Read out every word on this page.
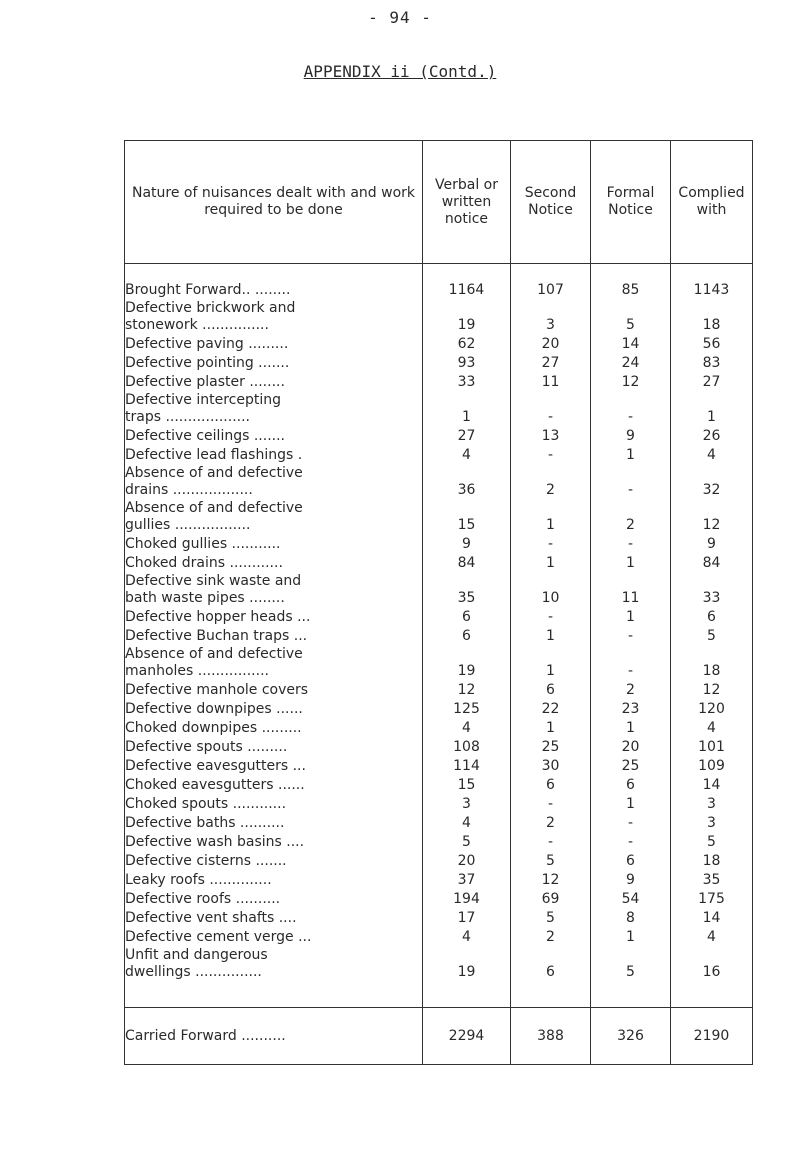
- 94 -
APPENDIX ii (Contd.)
Nature of nuisances dealt with and work required to be done	Verbal or written notice	Second Notice	Formal Notice	Complied with

Brought Forward.. ........	1164	107	85	1143

Defective brickwork and
stonework ...............	19	3	5	18

Defective paving .........	62	20	14	56

Defective pointing .......	93	27	24	83

Defective plaster ........	33	11	12	27

Defective intercepting
traps ...................	1	-	-	1

Defective ceilings .......	27	13	9	26

Defective lead flashings .	4	-	1	4

Absence of and defective
drains ..................	36	2	-	32

Absence of and defective
gullies .................	15	1	2	12

Choked gullies ...........	9	-	-	9

Choked drains ............	84	1	1	84

Defective sink waste and
bath waste pipes ........	35	10	11	33

Defective hopper heads ...	6	-	1	6

Defective Buchan traps ...	6	1	-	5

Absence of and defective
manholes ................	19	1	-	18

Defective manhole covers	12	6	2	12

Defective downpipes ......	125	22	23	120

Choked downpipes .........	4	1	1	4

Defective spouts .........	108	25	20	101

Defective eavesgutters ...	114	30	25	109

Choked eavesgutters ......	15	6	6	14

Choked spouts ............	3	-	1	3

Defective baths ..........	4	2	-	3

Defective wash basins ....	5	-	-	5

Defective cisterns .......	20	5	6	18

Leaky roofs ..............	37	12	9	35

Defective roofs ..........	194	69	54	175

Defective vent shafts ....	17	5	8	14

Defective cement verge ...	4	2	1	4

Unfit and dangerous
dwellings ...............	19	6	5	16

Carried Forward ..........	2294	388	326	2190
